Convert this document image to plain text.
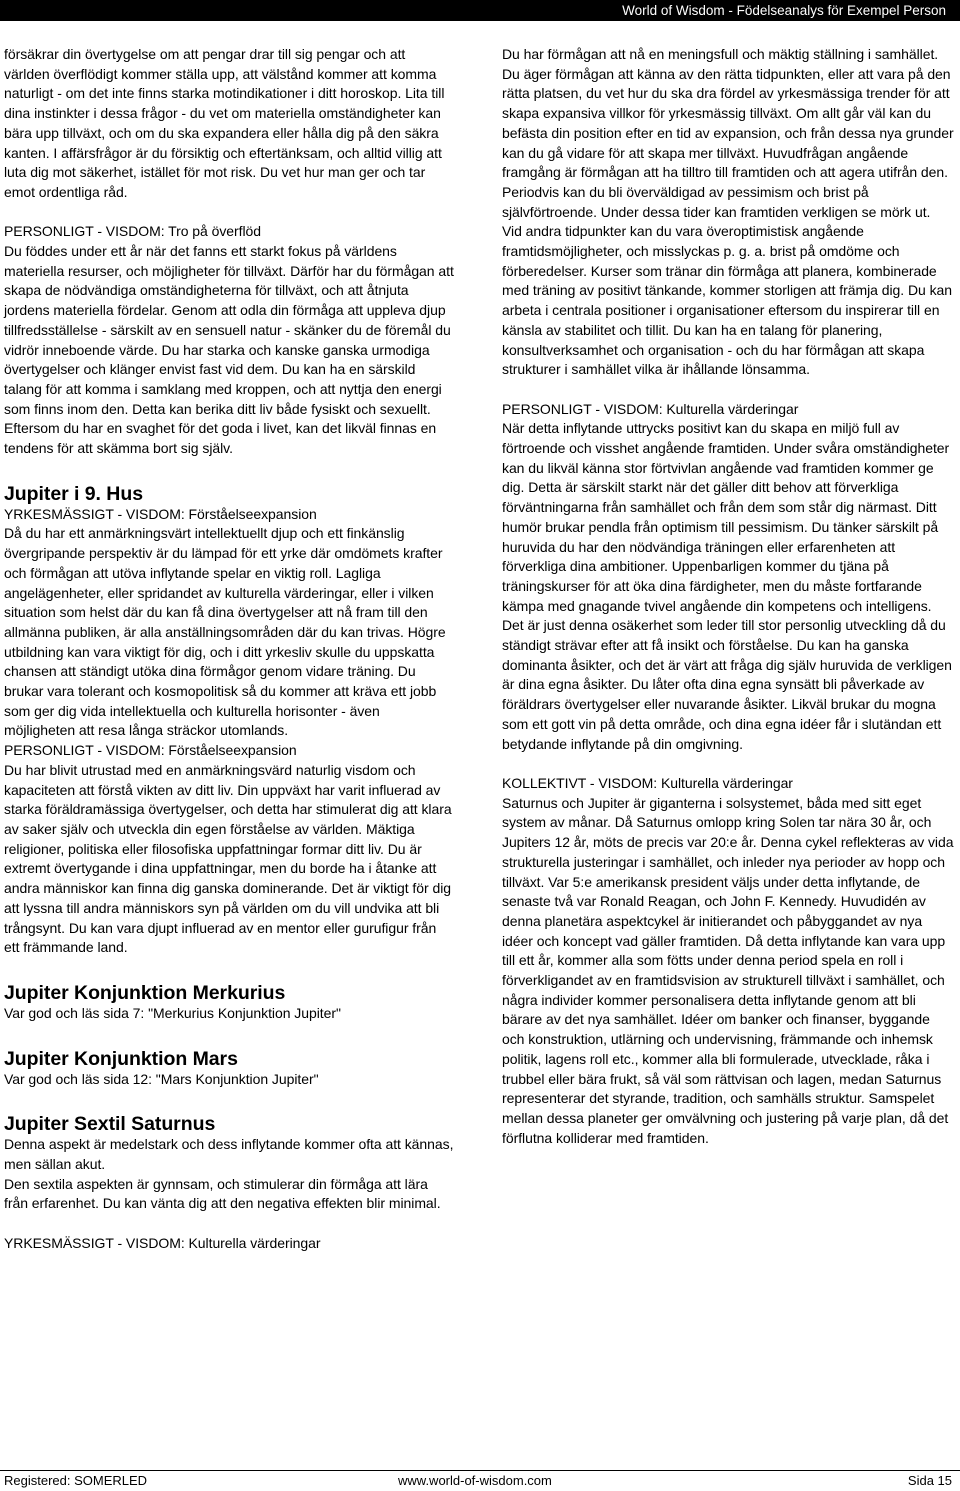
World of Wisdom - Födelseanalys för Exempel Person

försäkrar din övertygelse om att pengar drar till sig pengar och att världen överflödigt kommer ställa upp, att välstånd kommer att komma naturligt - om det inte finns starka motindikationer i ditt horoskop. Lita till dina instinkter i dessa frågor - du vet om materiella omständigheter kan bära upp tillväxt, och om du ska expandera eller hålla dig på den säkra kanten. I affärsfrågor är du försiktig och eftertänksam, och alltid villig att luta dig mot säkerhet, istället för mot risk. Du vet hur man ger och tar emot ordentliga råd.

PERSONLIGT - VISDOM: Tro på överflöd
Du föddes under ett år när det fanns ett starkt fokus på världens materiella resurser, och möjligheter för tillväxt. Därför har du förmågan att skapa de nödvändiga omständigheterna för tillväxt, och att åtnjuta jordens materiella fördelar. Genom att odla din förmåga att uppleva djup tillfredsställelse - särskilt av en sensuell natur - skänker du de föremål du vidrör inneboende värde. Du har starka och kanske ganska urmodiga övertygelser och klänger envist fast vid dem. Du kan ha en särskild talang för att komma i samklang med kroppen, och att nyttja den energi som finns inom den. Detta kan berika ditt liv både fysiskt och sexuellt. Eftersom du har en svaghet för det goda i livet, kan det likväl finnas en tendens för att skämma bort sig själv.
Jupiter i 9. Hus
YRKESMÄSSIGT - VISDOM: Förståelseexpansion
Då du har ett anmärkningsvärt intellektuellt djup och ett finkänslig övergripande perspektiv är du lämpad för ett yrke där omdömets krafter och förmågan att utöva inflytande spelar en viktig roll. Lagliga angelägenheter, eller spridandet av kulturella värderingar, eller i vilken situation som helst där du kan få dina övertygelser att nå fram till den allmänna publiken, är alla anställningsområden där du kan trivas. Högre utbildning kan vara viktigt för dig, och i ditt yrkesliv skulle du uppskatta chansen att ständigt utöka dina förmågor genom vidare träning. Du brukar vara tolerant och kosmopolitisk så du kommer att kräva ett jobb som ger dig vida intellektuella och kulturella horisonter - även möjligheten att resa långa sträckor utomlands.
PERSONLIGT - VISDOM: Förståelseexpansion
Du har blivit utrustad med en anmärkningsvärd naturlig visdom och kapaciteten att förstå vikten av ditt liv. Din uppväxt har varit influerad av starka föräldramässiga övertygelser, och detta har stimulerat dig att klara av saker själv och utveckla din egen förståelse av världen. Mäktiga religioner, politiska eller filosofiska uppfattningar formar ditt liv. Du är extremt övertygande i dina uppfattningar, men du borde ha i åtanke att andra människor kan finna dig ganska dominerande. Det är viktigt för dig att lyssna till andra människors syn på världen om du vill undvika att bli trångsynt. Du kan vara djupt influerad av en mentor eller gurufigur från ett främmande land.
Jupiter Konjunktion Merkurius

Var god och läs sida 7: "Merkurius Konjunktion Jupiter"

Jupiter Konjunktion Mars

Var god och läs sida 12: "Mars Konjunktion Jupiter"

Jupiter Sextil Saturnus

Denna aspekt är medelstark och dess inflytande kommer ofta att kännas, men sällan akut.

Den sextila aspekten är gynnsam, och stimulerar din förmåga att lära från erfarenhet. Du kan vänta dig att den negativa effekten blir minimal.

YRKESMÄSSIGT - VISDOM: Kulturella värderingar

Du har förmågan att nå en meningsfull och mäktig ställning i samhället. Du äger förmågan att känna av den rätta tidpunkten, eller att vara på den rätta platsen, du vet hur du ska dra fördel av yrkesmässiga trender för att skapa expansiva villkor för yrkesmässig tillväxt. Om allt går väl kan du befästa din position efter en tid av expansion, och från dessa nya grunder kan du gå vidare för att skapa mer tillväxt. Huvudfrågan angående framgång är förmågan att ha tilltro till framtiden och att agera utifrån den. Periodvis kan du bli överväldigad av pessimism och brist på självförtroende. Under dessa tider kan framtiden verkligen se mörk ut. Vid andra tidpunkter kan du vara överoptimistisk angående framtidsmöjligheter, och misslyckas p. g. a. brist på omdöme och förberedelser. Kurser som tränar din förmåga att planera, kombinerade med träning av positivt tänkande, kommer storligen att främja dig. Du kan arbeta i centrala positioner i organisationer eftersom du inspirerar till en känsla av stabilitet och tillit. Du kan ha en talang för planering, konsultverksamhet och organisation - och du har förmågan att skapa strukturer i samhället vilka är ihållande lönsamma.

PERSONLIGT - VISDOM: Kulturella värderingar
När detta inflytande uttrycks positivt kan du skapa en miljö full av förtroende och visshet angående framtiden. Under svåra omständigheter kan du likväl känna stor förtvivlan angående vad framtiden kommer ge dig. Detta är särskilt starkt när det gäller ditt behov att förverkliga förväntningarna från samhället och från dem som står dig närmast. Ditt humör brukar pendla från optimism till pessimism. Du tänker särskilt på huruvida du har den nödvändiga träningen eller erfarenheten att förverkliga dina ambitioner. Uppenbarligen kommer du tjäna på träningskurser för att öka dina färdigheter, men du måste fortfarande kämpa med gnagande tvivel angående din kompetens och intelligens. Det är just denna osäkerhet som leder till stor personlig utveckling då du ständigt strävar efter att få insikt och förståelse. Du kan ha ganska dominanta åsikter, och det är värt att fråga dig själv huruvida de verkligen är dina egna åsikter. Du låter ofta dina egna synsätt bli påverkade av föräldrars övertygelser eller nuvarande åsikter. Likväl brukar du mogna som ett gott vin på detta område, och dina egna idéer får i slutändan ett betydande inflytande på din omgivning.
KOLLEKTIVT - VISDOM: Kulturella värderingar
Saturnus och Jupiter är giganterna i solsystemet, båda med sitt eget system av månar. Då Saturnus omlopp kring Solen tar nära 30 år, och Jupiters 12 år, möts de precis var 20:e år. Denna cykel reflekteras av vida strukturella justeringar i samhället, och inleder nya perioder av hopp och tillväxt. Var 5:e amerikansk president väljs under detta inflytande, de senaste två var Ronald Reagan, och John F. Kennedy. Huvudidén av denna planetära aspektcykel är initierandet och påbyggandet av nya idéer och koncept vad gäller framtiden. Då detta inflytande kan vara upp till ett år, kommer alla som fötts under denna period spela en roll i förverkligandet av en framtidsvision av strukturell tillväxt i samhället, och några individer kommer personalisera detta inflytande genom att bli bärare av det nya samhället. Idéer om banker och finanser, byggande och konstruktion, utlärning och undervisning, främmande och inhemsk politik, lagens roll etc., kommer alla bli formulerade, utvecklade, råka i trubbel eller bära frukt, så väl som rättvisan och lagen, medan Saturnus representerar det styrande, tradition, och samhälls struktur. Samspelet mellan dessa planeter ger omvälvning och justering på varje plan, då det förflutna kolliderar med framtiden.
Registered: SOMERLED	www.world-of-wisdom.com	Sida 15
